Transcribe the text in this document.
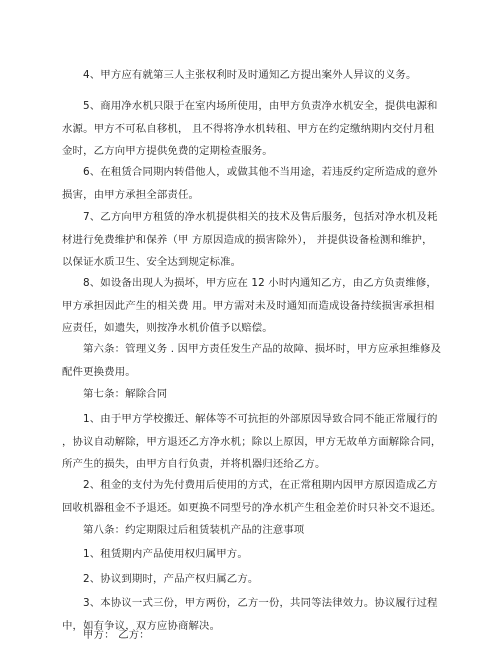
4、甲方应有就第三人主张权利时及时通知乙方提出案外人异议的义务。
5、商用净水机只限于在室内场所使用，由甲方负责净水机安全，提供电源和
水源。甲方不可私自移机， 且不得将净水机转租、甲方在约定缴纳期内交付月租
金时，乙方向甲方提供免费的定期检查服务。
6、在租赁合同期内转借他人，或做其他不当用途，若违反约定所造成的意外
损害，由甲方承担全部责任。
7、乙方向甲方租赁的净水机提供相关的技术及售后服务，包括对净水机及耗
材进行免费维护和保养（甲 方原因造成的损害除外）， 并提供设备检测和维护，
以保证水质卫生、安全达到规定标准。
8、如设备出现人为损坏，甲方应在 12 小时内通知乙方，由乙方负责维修，
甲方承担因此产生的相关费 用。甲方需对未及时通知而造成设备持续损害承担相
应责任，如遗失，则按净水机价值予以赔偿。
第六条：管理义务 . 因甲方责任发生产品的故障、损坏时，甲方应承担维修及
配件更换费用。
第七条：解除合同
1、由于甲方学校搬迁、解体等不可抗拒的外部原因导致合同不能正常履行的
，协议自动解除，甲方退还乙方净水机；除以上原因，甲方无故单方面解除合同，
所产生的损失，由甲方自行负责，并将机器归还给乙方。
2、租金的支付为先付费用后使用的方式，在正常租期内因甲方原因造成乙方
回收机器租金不予退还。如更换不同型号的净水机产生租金差价时只补交不退还。
第八条：约定期限过后租赁装机产品的注意事项
1、租赁期内产品使用权归属甲方。
2、协议到期时，产品产权归属乙方。
3、本协议一式三份，甲方两份，乙方一份，共同等法律效力。协议履行过程
中，如有争议，双方应协商解决。
甲方： 乙方：
